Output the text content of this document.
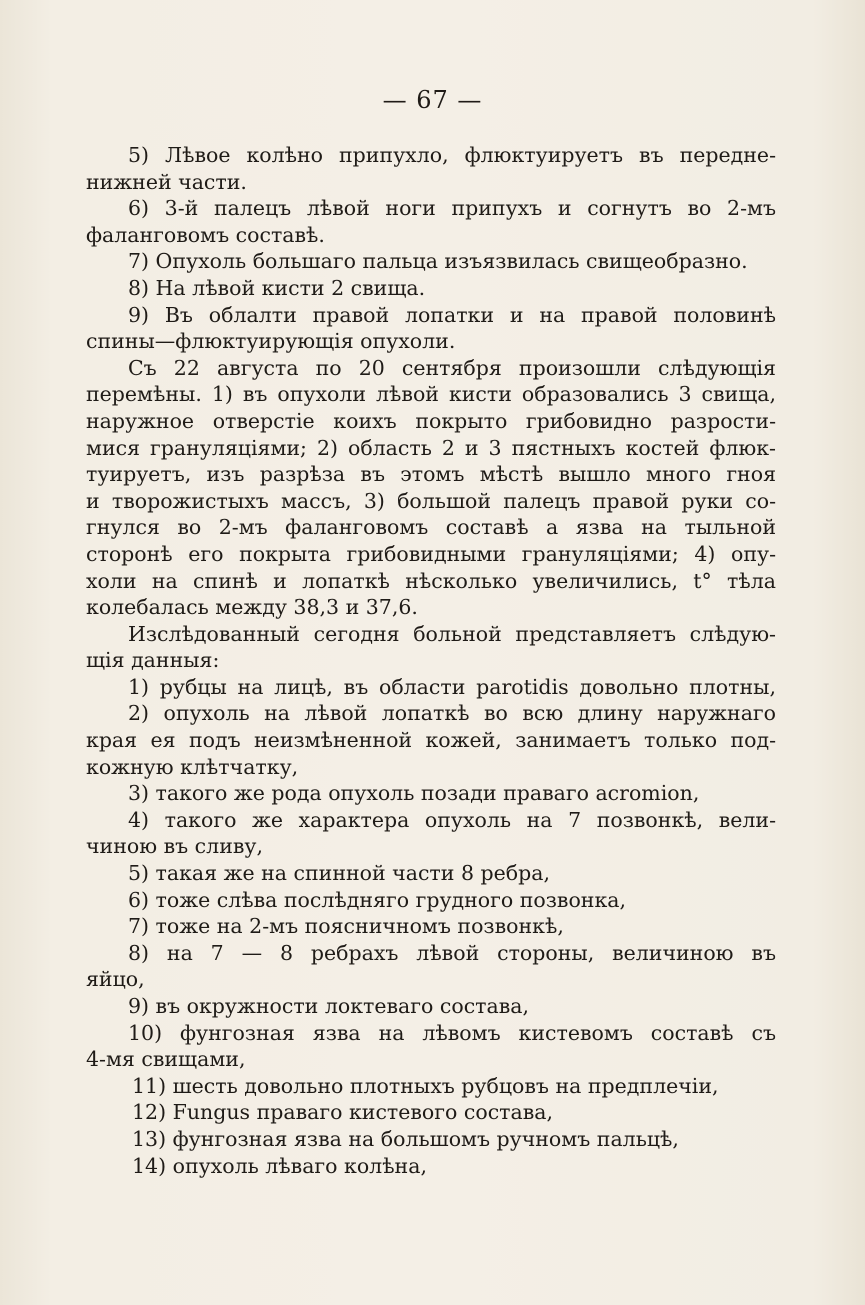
— 67 —
5) Лѣвое колѣно припухло, флюктуируетъ въ передне-
нижней части.
6) 3-й палецъ лѣвой ноги припухъ и согнутъ во 2-мъ
фаланговомъ составѣ.
7) Опухоль большаго пальца изъязвилась свищеобразно.
8) На лѣвой кисти 2 свища.
9) Въ облалти правой лопатки и на правой половинѣ
спины—флюктуирующія опухоли.
Съ 22 августа по 20 сентября произошли слѣдующія
перемѣны. 1) въ опухоли лѣвой кисти образовались 3 свища,
наружное отверстіе коихъ покрыто грибовидно разрости-
мися грануляціями; 2) область 2 и 3 пястныхъ костей флюк-
туируетъ, изъ разрѣза въ этомъ мѣстѣ вышло много гноя
и творожистыхъ массъ, 3) большой палецъ правой руки со-
гнулся во 2-мъ фаланговомъ составѣ а язва на тыльной
сторонѣ его покрыта грибовидными грануляціями; 4) опу-
холи на спинѣ и лопаткѣ нѣсколько увеличились, t° тѣла
колебалась между 38,3 и 37,6.
Изслѣдованный сегодня больной представляетъ слѣдую-
щія данныя:
1) рубцы на лицѣ, въ области parotidis довольно плотны,
2) опухоль на лѣвой лопаткѣ во всю длину наружнаго
края ея подъ неизмѣненной кожей, занимаетъ только под-
кожную клѣтчатку,
3) такого же рода опухоль позади праваго acromion,
4) такого же характера опухоль на 7 позвонкѣ, вели-
чиною въ сливу,
5) такая же на спинной части 8 ребра,
6) тоже слѣва послѣдняго грудного позвонка,
7) тоже на 2-мъ поясничномъ позвонкѣ,
8) на 7 — 8 ребрахъ лѣвой стороны, величиною въ
яйцо,
9) въ окружности локтеваго состава,
10) фунгозная язва на лѣвомъ кистевомъ составѣ съ
4-мя свищами,
11) шесть довольно плотныхъ рубцовъ на предплечіи,
12) Fungus праваго кистевого состава,
13) фунгозная язва на большомъ ручномъ пальцѣ,
14) опухоль лѣваго колѣна,
